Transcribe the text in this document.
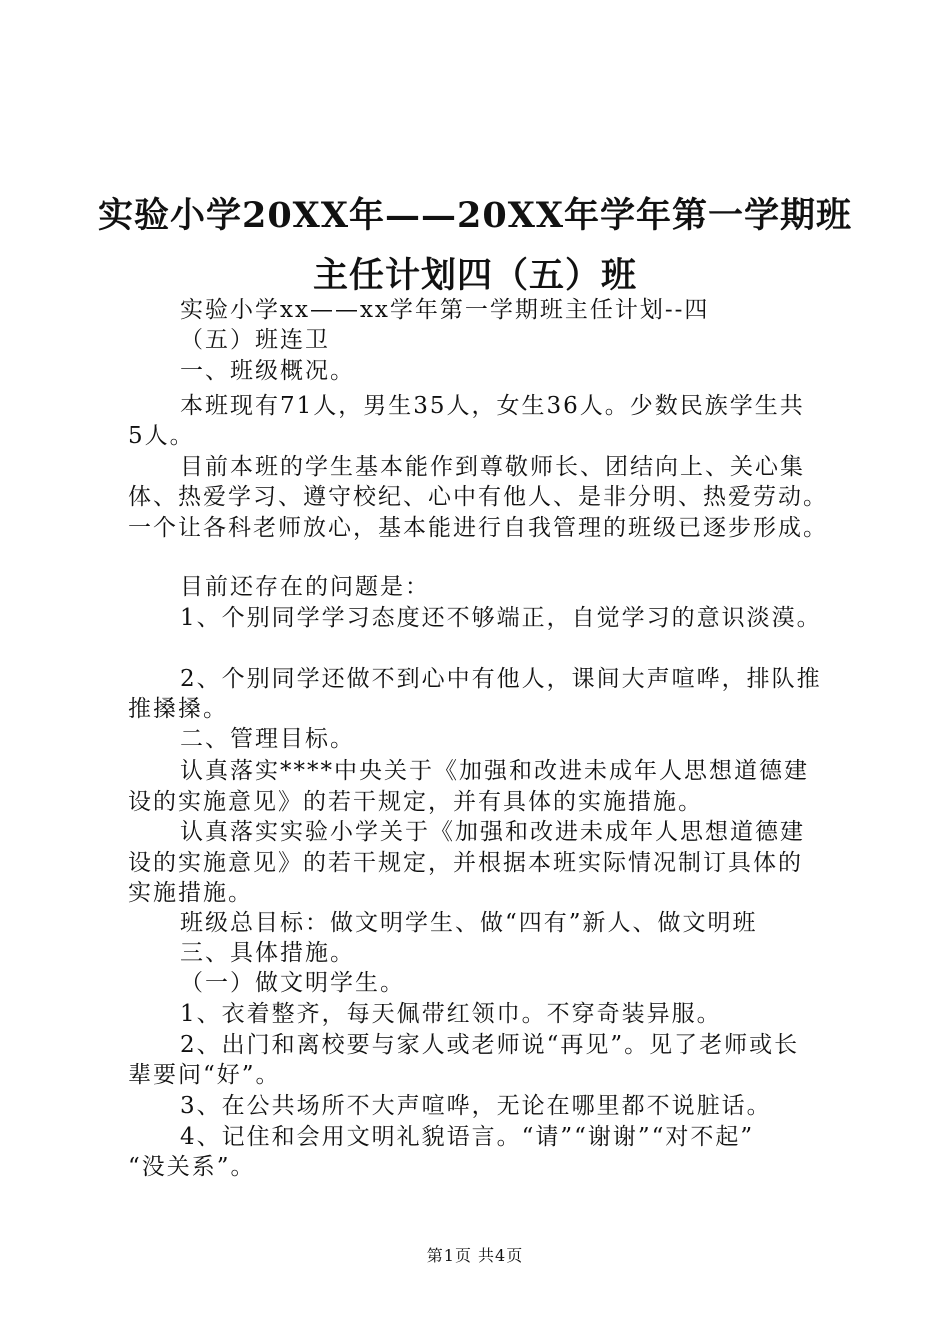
实验小学20XX年——20XX年学年第一学期班
主任计划四（五）班
实验小学xx——xx学年第一学期班主任计划--四
（五）班连卫
一、班级概况。
本班现有71人，男生35人，女生36人。少数民族学生共
5人。
目前本班的学生基本能作到尊敬师长、团结向上、关心集
体、热爱学习、遵守校纪、心中有他人、是非分明、热爱劳动。
一个让各科老师放心，基本能进行自我管理的班级已逐步形成。
目前还存在的问题是：
1、个别同学学习态度还不够端正，自觉学习的意识淡漠。
2、个别同学还做不到心中有他人，课间大声喧哗，排队推
推搡搡。
二、管理目标。
认真落实****中央关于《加强和改进未成年人思想道德建
设的实施意见》的若干规定，并有具体的实施措施。
认真落实实验小学关于《加强和改进未成年人思想道德建
设的实施意见》的若干规定，并根据本班实际情况制订具体的
实施措施。
班级总目标：做文明学生、做“四有”新人、做文明班
三、具体措施。
（一）做文明学生。
1、衣着整齐，每天佩带红领巾。不穿奇装异服。
2、出门和离校要与家人或老师说“再见”。见了老师或长
辈要问“好”。
3、在公共场所不大声喧哗，无论在哪里都不说脏话。
4、记住和会用文明礼貌语言。“请”“谢谢”“对不起”
“没关系”。
第1页 共4页
